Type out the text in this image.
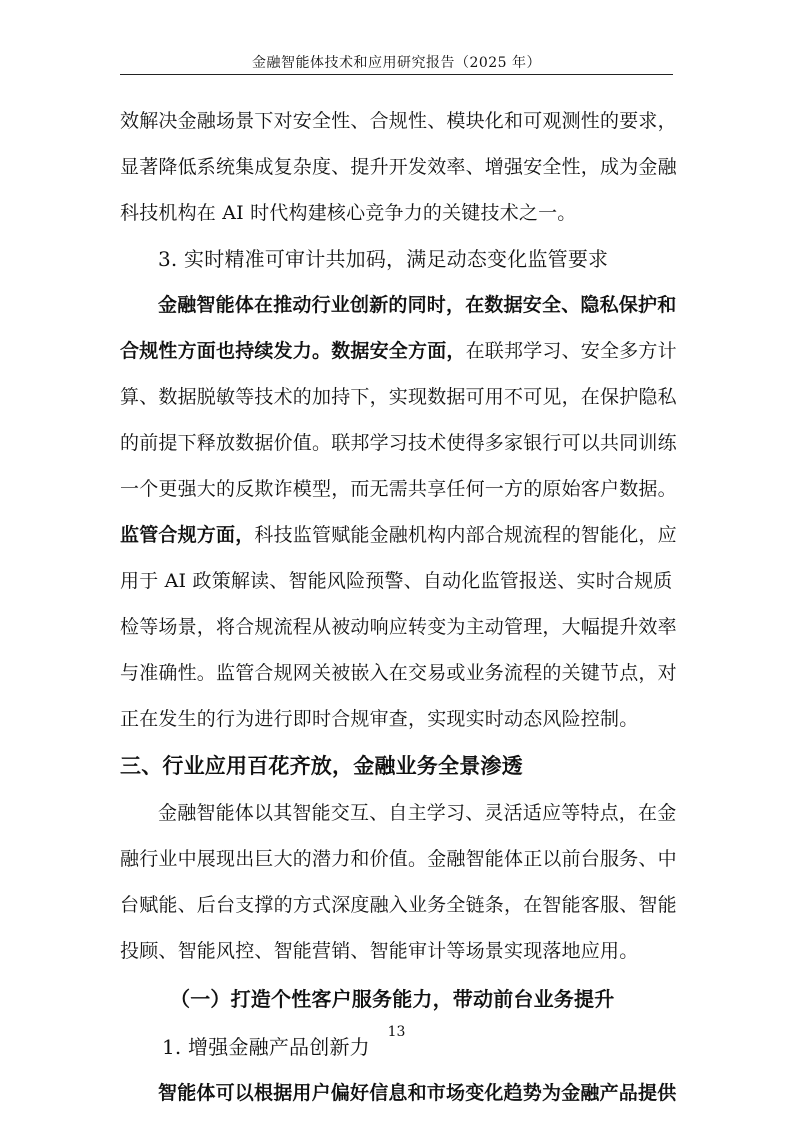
金融智能体技术和应用研究报告（2025 年）
效解决金融场景下对安全性、合规性、模块化和可观测性的要求，
显著降低系统集成复杂度、提升开发效率、增强安全性，成为金融
科技机构在 AI 时代构建核心竞争力的关键技术之一。
3. 实时精准可审计共加码，满足动态变化监管要求
金融智能体在推动行业创新的同时，在数据安全、隐私保护和
合规性方面也持续发力。数据安全方面，在联邦学习、安全多方计
算、数据脱敏等技术的加持下，实现数据可用不可见，在保护隐私
的前提下释放数据价值。联邦学习技术使得多家银行可以共同训练
一个更强大的反欺诈模型，而无需共享任何一方的原始客户数据。
监管合规方面，科技监管赋能金融机构内部合规流程的智能化，应
用于 AI 政策解读、智能风险预警、自动化监管报送、实时合规质
检等场景，将合规流程从被动响应转变为主动管理，大幅提升效率
与准确性。监管合规网关被嵌入在交易或业务流程的关键节点，对
正在发生的行为进行即时合规审查，实现实时动态风险控制。
三、行业应用百花齐放，金融业务全景渗透
金融智能体以其智能交互、自主学习、灵活适应等特点，在金
融行业中展现出巨大的潜力和价值。金融智能体正以前台服务、中
台赋能、后台支撑的方式深度融入业务全链条，在智能客服、智能
投顾、智能风控、智能营销、智能审计等场景实现落地应用。
（一）打造个性客户服务能力，带动前台业务提升
1. 增强金融产品创新力
智能体可以根据用户偏好信息和市场变化趋势为金融产品提供
13
